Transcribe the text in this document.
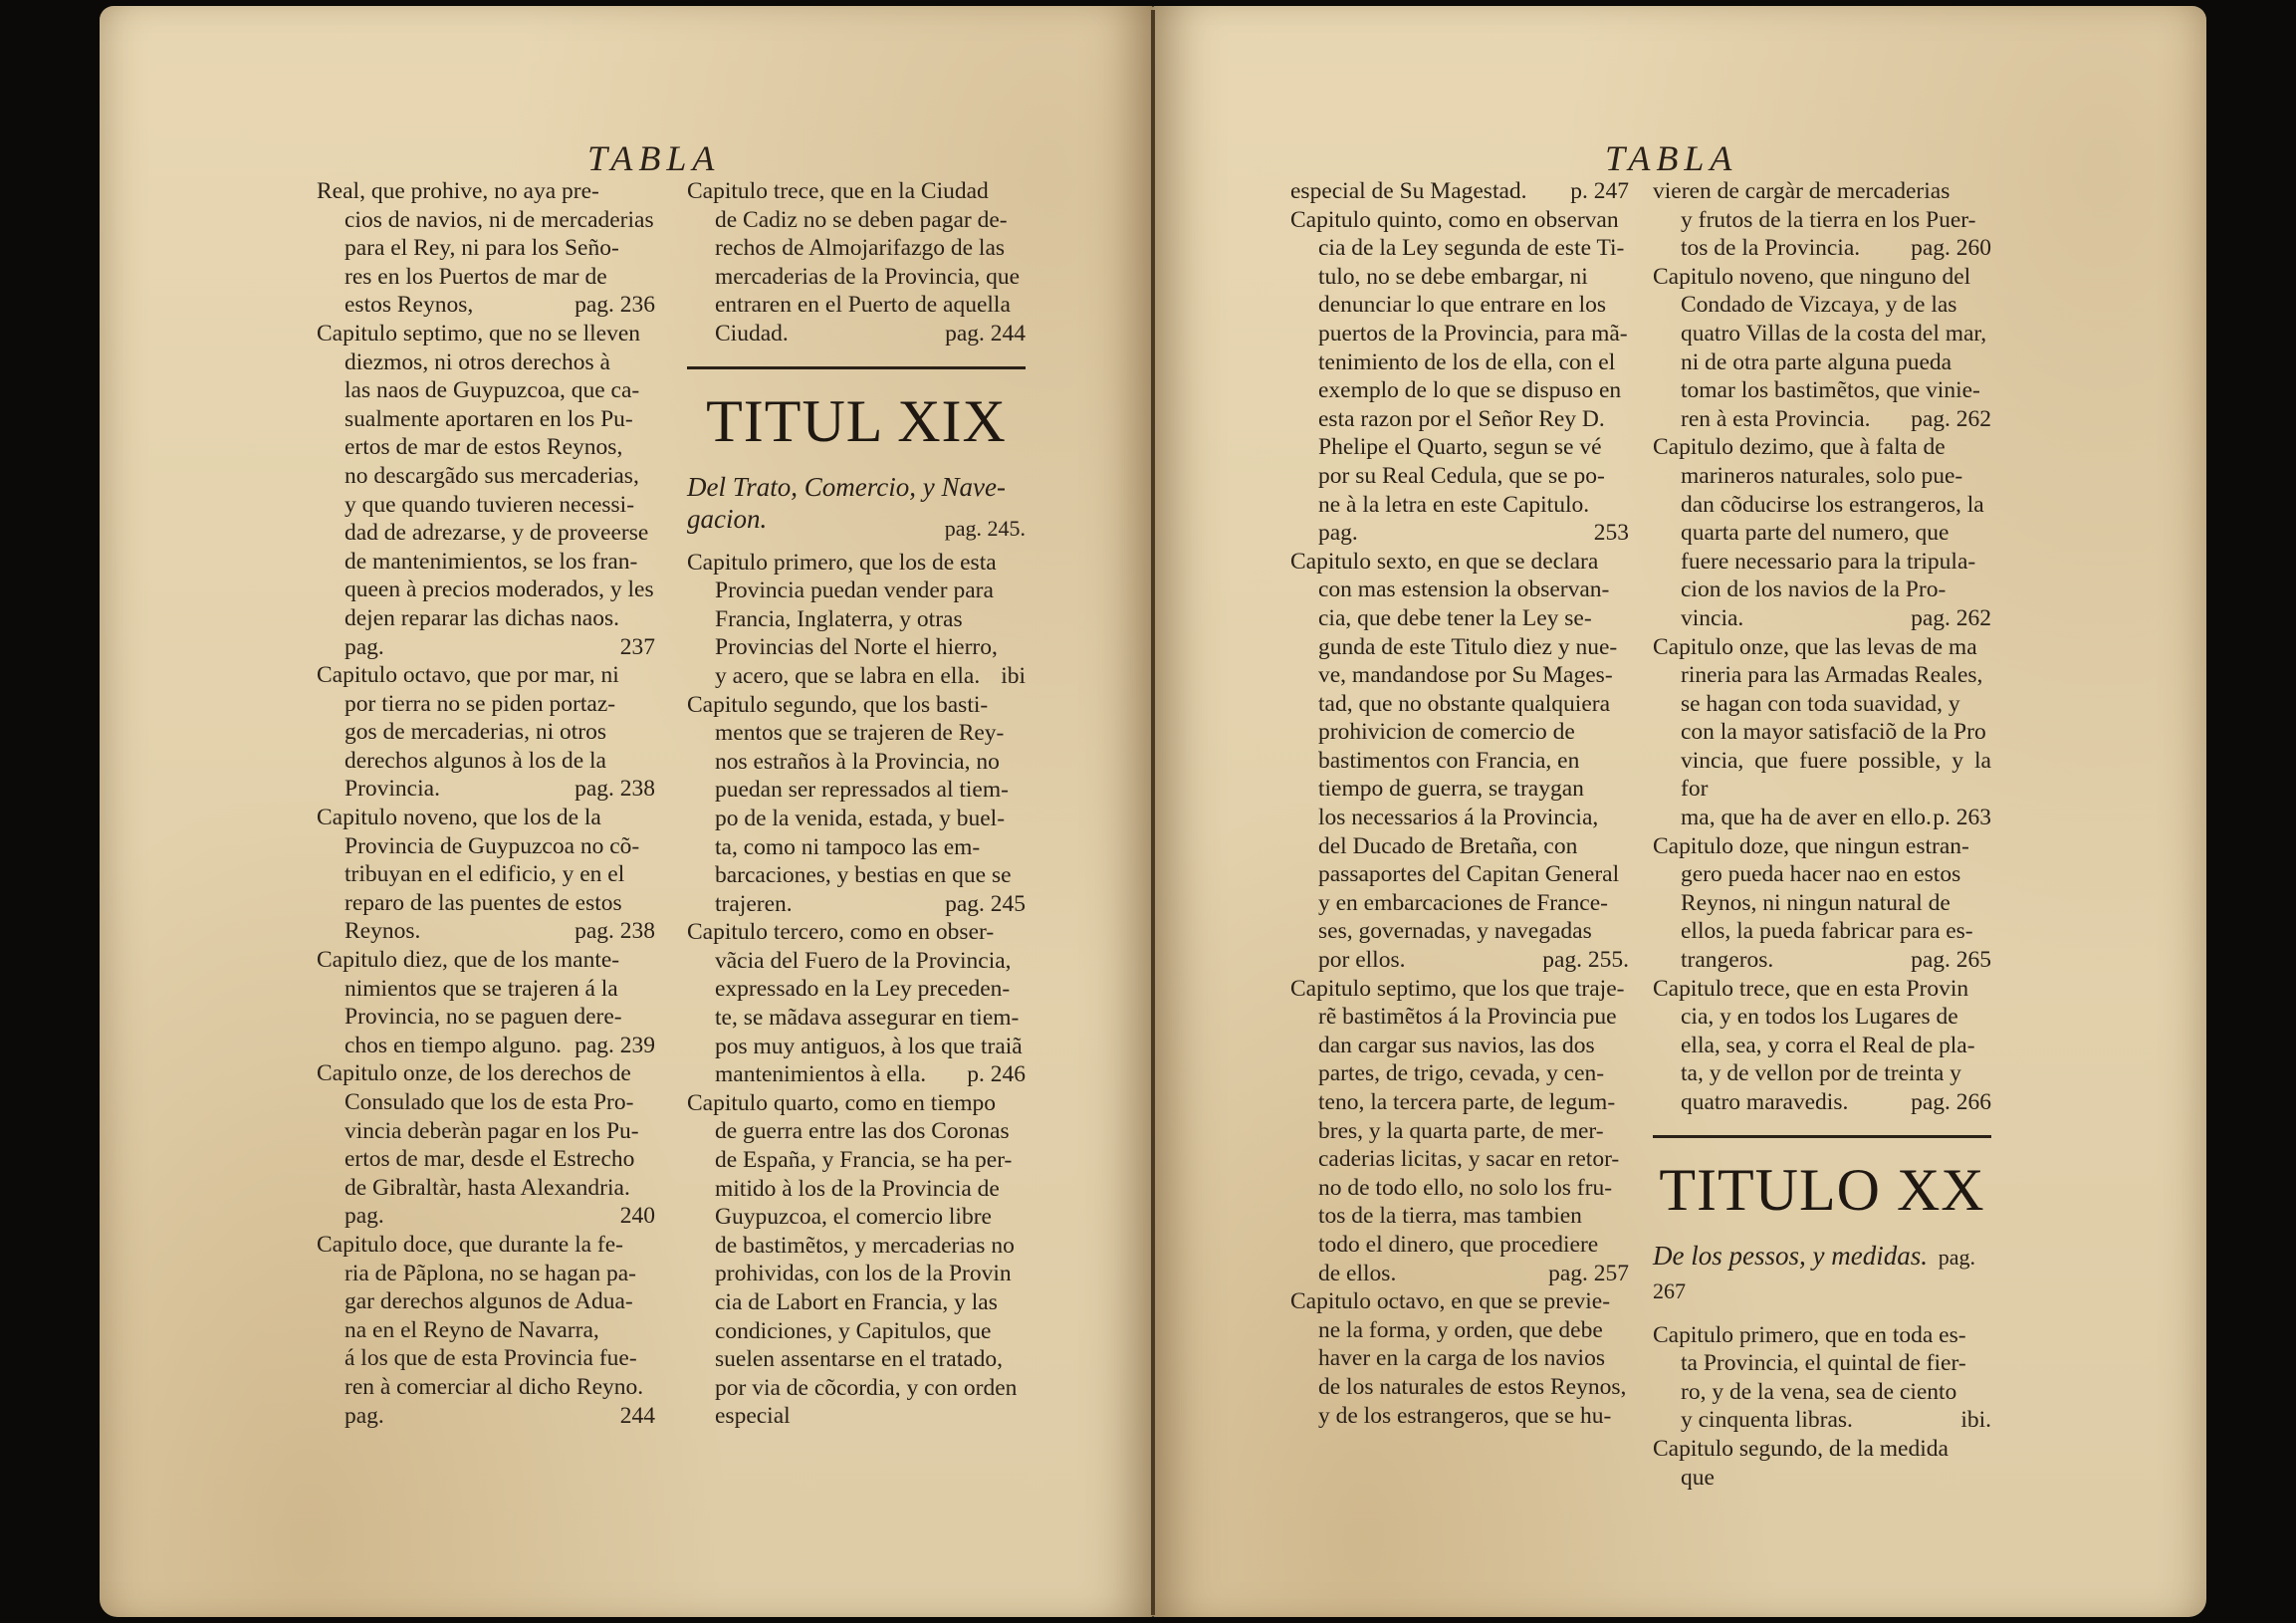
TABLA
Real, que prohive, no aya pre-
cios de navios, ni de mercaderias
para el Rey, ni para los Seño-
res en los Puertos de mar de
estos Reynos,	pag. 236
Capitulo septimo, que no se lleven
diezmos, ni otros derechos à
las naos de Guypuzcoa, que ca-
sualmente aportaren en los Pu-
ertos de mar de estos Reynos,
no descargãdo sus mercaderias,
y que quando tuvieren necessi-
dad de adrezarse, y de proveerse
de mantenimientos, se los fran-
queen à precios moderados, y les
dejen reparar las dichas naos.
pag.	237
Capitulo octavo, que por mar, ni
por tierra no se piden portaz-
gos de mercaderias, ni otros
derechos algunos à los de la
Provincia.	pag. 238
Capitulo noveno, que los de la
Provincia de Guypuzcoa no cõ-
tribuyan en el edificio, y en el
reparo de las puentes de estos
Reynos.	pag. 238
Capitulo diez, que de los mante-
nimientos que se trajeren á la
Provincia, no se paguen dere-
chos en tiempo alguno. pag. 239
Capitulo onze, de los derechos de
Consulado que los de esta Pro-
vincia deberàn pagar en los Pu-
ertos de mar, desde el Estrecho
de Gibraltàr, hasta Alexandria.
pag.	240
Capitulo doce, que durante la fe-
ria de Pãplona, no se hagan pa-
gar derechos algunos de Adua-
na en el Reyno de Navarra,
á los que de esta Provincia fue-
ren à comerciar al dicho Reyno.
pag.	244
Capitulo trece, que en la Ciudad
de Cadiz no se deben pagar de-
rechos de Almojarifazgo de las
mercaderias de la Provincia, que
entraren en el Puerto de aquella
Ciudad.	pag. 244
TITUL XIX
Del Trato, Comercio, y Nave-
gacion.	pag. 245.
Capitulo primero, que los de esta
Provincia puedan vender para
Francia, Inglaterra, y otras
Provincias del Norte el hierro,
y acero, que se labra en ella. ibi
Capitulo segundo, que los basti-
mentos que se trajeren de Rey-
nos estraños à la Provincia, no
puedan ser repressados al tiem-
po de la venida, estada, y buel-
ta, como ni tampoco las em-
barcaciones, y bestias en que se
trajeren.	pag. 245
Capitulo tercero, como en obser-
vãcia del Fuero de la Provincia,
expressado en la Ley preceden-
te, se mãdava assegurar en tiem-
pos muy antiguos, à los que traiã
mantenimientos à ella.	p. 246
Capitulo quarto, como en tiempo
de guerra entre las dos Coronas
de España, y Francia, se ha per-
mitido à los de la Provincia de
Guypuzcoa, el comercio libre
de bastimẽtos, y mercaderias no
prohividas, con los de la Provin
cia de Labort en Francia, y las
condiciones, y Capitulos, que
suelen assentarse en el tratado,
por via de cõcordia, y con orden
especial
TABLA
especial de Su Magestad.	p. 247
Capitulo quinto, como en observan
cia de la Ley segunda de este Ti-
tulo, no se debe embargar, ni
denunciar lo que entrare en los
puertos de la Provincia, para mã-
tenimiento de los de ella, con el
exemplo de lo que se dispuso en
esta razon por el Señor Rey D.
Phelipe el Quarto, segun se vé
por su Real Cedula, que se po-
ne à la letra en este Capitulo.
pag.	253
Capitulo sexto, en que se declara
con mas estension la observan-
cia, que debe tener la Ley se-
gunda de este Titulo diez y nue-
ve, mandandose por Su Mages-
tad, que no obstante qualquiera
prohivicion de comercio de
bastimentos con Francia, en
tiempo de guerra, se traygan
los necessarios á la Provincia,
del Ducado de Bretaña, con
passaportes del Capitan General
y en embarcaciones de France-
ses, governadas, y navegadas
por ellos.	pag. 255.
Capitulo septimo, que los que traje-
rẽ bastimẽtos á la Provincia pue
dan cargar sus navios, las dos
partes, de trigo, cevada, y cen-
teno, la tercera parte, de legum-
bres, y la quarta parte, de mer-
caderias licitas, y sacar en retor-
no de todo ello, no solo los fru-
tos de la tierra, mas tambien
todo el dinero, que procediere
de ellos.	pag. 257
Capitulo octavo, en que se previe-
ne la forma, y orden, que debe
haver en la carga de los navios
de los naturales de estos Reynos,
y de los estrangeros, que se hu-
vieren de cargàr de mercaderias
y frutos de la tierra en los Puer-
tos de la Provincia.	pag. 260
Capitulo noveno, que ninguno del
Condado de Vizcaya, y de las
quatro Villas de la costa del mar,
ni de otra parte alguna pueda
tomar los bastimẽtos, que vinie-
ren à esta Provincia.	pag. 262
Capitulo dezimo, que à falta de
marineros naturales, solo pue-
dan cõducirse los estrangeros, la
quarta parte del numero, que
fuere necessario para la tripula-
cion de los navios de la Pro-
vincia.	pag. 262
Capitulo onze, que las levas de ma
rineria para las Armadas Reales,
se hagan con toda suavidad, y
con la mayor satisfaciõ de la Pro
vincia, que fuere possible, y la for
ma, que ha de aver en ello. p. 263
Capitulo doze, que ningun estran-
gero pueda hacer nao en estos
Reynos, ni ningun natural de
ellos, la pueda fabricar para es-
trangeros.	pag. 265
Capitulo trece, que en esta Provin
cia, y en todos los Lugares de
ella, sea, y corra el Real de pla-
ta, y de vellon por de treinta y
quatro maravedis.	pag. 266
TITULO XX
De los pessos, y medidas. pag. 267
Capitulo primero, que en toda es-
ta Provincia, el quintal de fier-
ro, y de la vena, sea de ciento
y cinquenta libras.	ibi.
Capitulo segundo, de la medida
que
